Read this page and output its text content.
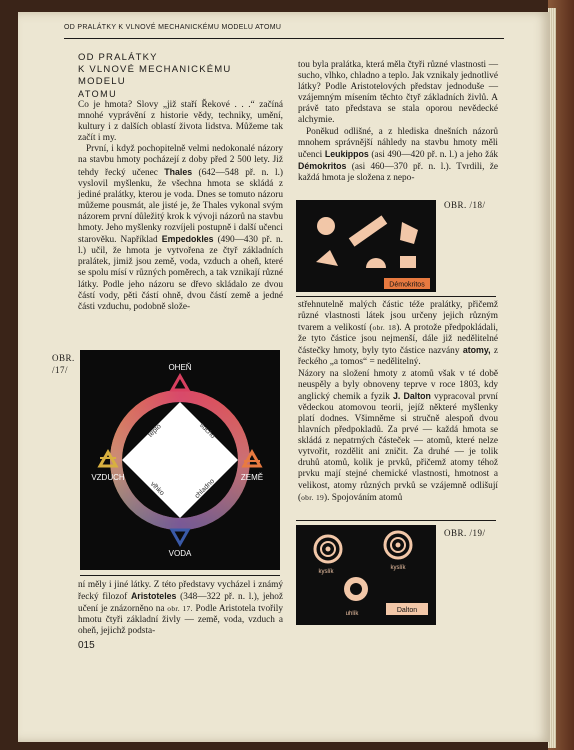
OD PRALÁTKY K VLNOVÉ MECHANICKÉMU MODELU ATOMU
OD PRALÁTKY
K VLNOVÉ MECHANICKÉMU
MODELU
ATOMU

Co je hmota? Slovy „již staří Řekové . . .“ začíná mnohé vyprávění z historie vědy, techniky, umění, kultury i z dalších oblastí života lidstva. Můžeme tak začít i my.

První, i když pochopitelně velmi nedokonalé názory na stavbu hmoty pocházejí z doby před 2 500 lety. Již tehdy řecký učenec Thales (642—548 př. n. l.) vyslovil myšlenku, že všechna hmota se skládá z jediné pralátky, kterou je voda. Dnes se tomuto názoru můžeme pousmát, ale jisté je, že Thales vykonal svým názorem první důležitý krok k vývoji názorů na stavbu hmoty. Jeho myšlenky rozvíjeli postupně i další učenci starověku. Například Empedokles (490—430 př. n. l.) učil, že hmota je vytvořena ze čtyř základních pralátek, jimiž jsou země, voda, vzduch a oheň, které se spolu mísí v různých poměrech, a tak vznikají různé látky. Podle jeho názoru se dřevo skládalo ze dvou částí vody, pěti částí ohně, dvou částí země a jedné části vzduchu, podobně slože-

OBR.
/17/	OHEŇ
ZEMĚ
VODA
VZDUCH
teplo	sucho
vlhko	chladno

ní měly i jiné látky. Z této představy vycházel i známý řecký filozof Aristoteles (348—322 př. n. l.), jehož učení je znázorněno na obr. 17. Podle Aristotela tvořily hmotu čtyři základní živly — země, voda, vzduch a oheň, jejichž podsta-

015

tou byla pralátka, která měla čtyři různé vlastnosti — sucho, vlhko, chladno a teplo. Jak vznikaly jednotlivé látky? Podle Aristotelových představ jednoduše — vzájemným mísením těchto čtyř základních živlů. A právě tato představa se stala oporou nevědecké alchymie.

Poněkud odlišné, a z hlediska dnešních názorů mnohem správnější náhledy na stavbu hmoty měli učenci Leukippos (asi 490—420 př. n. l.) a jeho žák Démokritos (asi 460—370 př. n. l.). Tvrdili, že každá hmota je složena z nepo-

OBR. /18/
Démokritos

střehnutelně malých částic téže pralátky, přičemž různé vlastnosti látek jsou určeny jejich různým tvarem a velikostí (obr. 18). A protože předpokládali, že tyto částice jsou nejmenší, dále již nedělitelné částečky hmoty, byly tyto částice nazvány atomy, z řeckého „a tomos“ = nedělitelný.

Názory na složení hmoty z atomů však v té době neuspěly a byly obnoveny teprve v roce 1803, kdy anglický chemik a fyzik J. Dalton vypracoval první vědeckou atomovou teorii, jejíž některé myšlenky platí dodnes. Všimněme si stručně alespoň dvou hlavních předpokladů. Za prvé — každá hmota se skládá z nepatrných částeček — atomů, které nelze vytvořit, rozdělit ani zničit. Za druhé — je tolik druhů atomů, kolik je prvků, přičemž atomy téhož prvku mají stejné chemické vlastnosti, hmotnost a velikost, atomy různých prvků se vzájemně odlišují (obr. 19). Spojováním atomů

OBR. /19/
kyslík
kyslík
uhlík	Dalton
